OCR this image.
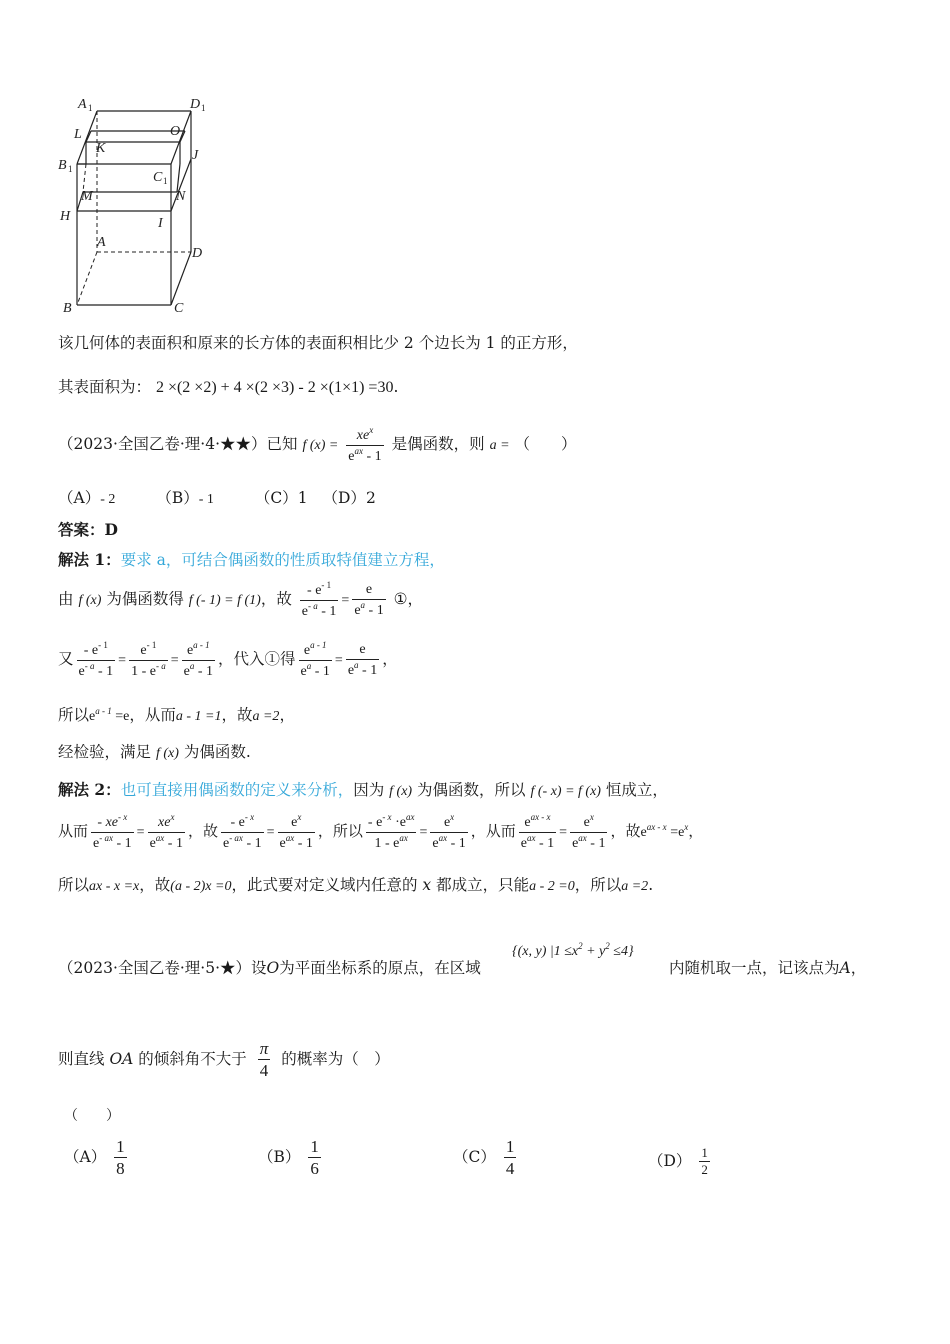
A 1	D 1
L	O
B 1
K	J
C 1
M	N
H	I
A
D
B	C
该几何体的表面积和原来的长方体的表面积相比少 2 个边长为 1 的正方形，
其表面积为： 2 ×(2 ×2) + 4 ×(2 ×3) - 2 ×(1×1) =30.
（2023·全国乙卷·理·4·★★）已知 f $(x) = \frac{xe^x}{e^{ax} - 1}$ 是偶函数，则 a = （　　）
（A）- 2	（B）- 1	（C）1 （D）2
答案：D
解法 1：要求 a，可结合偶函数的性质取特值建立方程，
由 f (x) 为偶函数得 f (- 1) = f (1)，故 $\frac{- e^{- 1}}{e^{- a} - 1} = \frac{e}{e^a - 1}$ ①，
又 $\frac{- e^{- 1}}{e^{- a} - 1} = \frac{e^{- 1}}{1 - e^{- a}} = \frac{e^{a - 1}}{e^a - 1}$ ，代入①得 $\frac{e^{a - 1}}{e^a - 1} = \frac{e}{e^a - 1}$ ，
所以$e^{a - 1} =e$，从而a - 1 =1，故a =2，
经检验，满足 f (x) 为偶函数.
解法 2：也可直接用偶函数的定义来分析，因为 f (x) 为偶函数，所以 f (- x) = f (x) 恒成立，
从而 $\frac{- xe^{- x}}{e^{- ax} - 1} = \frac{xe^x}{e^{ax} - 1}$ ，故 $\frac{- e^{- x}}{e^{- ax} - 1} = \frac{e^x}{e^{ax} - 1}$ ，所以 $\frac{- e^{- x} \cdot e^{ax}}{1 - e^{ax}} = \frac{e^x}{e^{ax} - 1}$ ，从而 $\frac{e^{ax - x}}{e^{ax} - 1} = \frac{e^x}{e^{ax} - 1}$ ，故$e^{ax - x} =e^x$，
所以ax - x =x，故(a - 2)x =0，此式要对定义域内任意的 x 都成立，只能a - 2 =0，所以a =2.
{(x, y) $|1 \le x^2 + y^2 \le 4$}
（2023·全国乙卷·理·5·★）设O为平面坐标系的原点，在区域	内随机取一点，记该点为A，
则直线 OA 的倾斜角不大于 $\frac{\pi}{4}$ 的概率为（　）
（　　）
$(A) \frac{1}{8}$	$(B) \frac{1}{6}$	$(C) \frac{1}{4}$	$(D) \frac{1}{2}$
